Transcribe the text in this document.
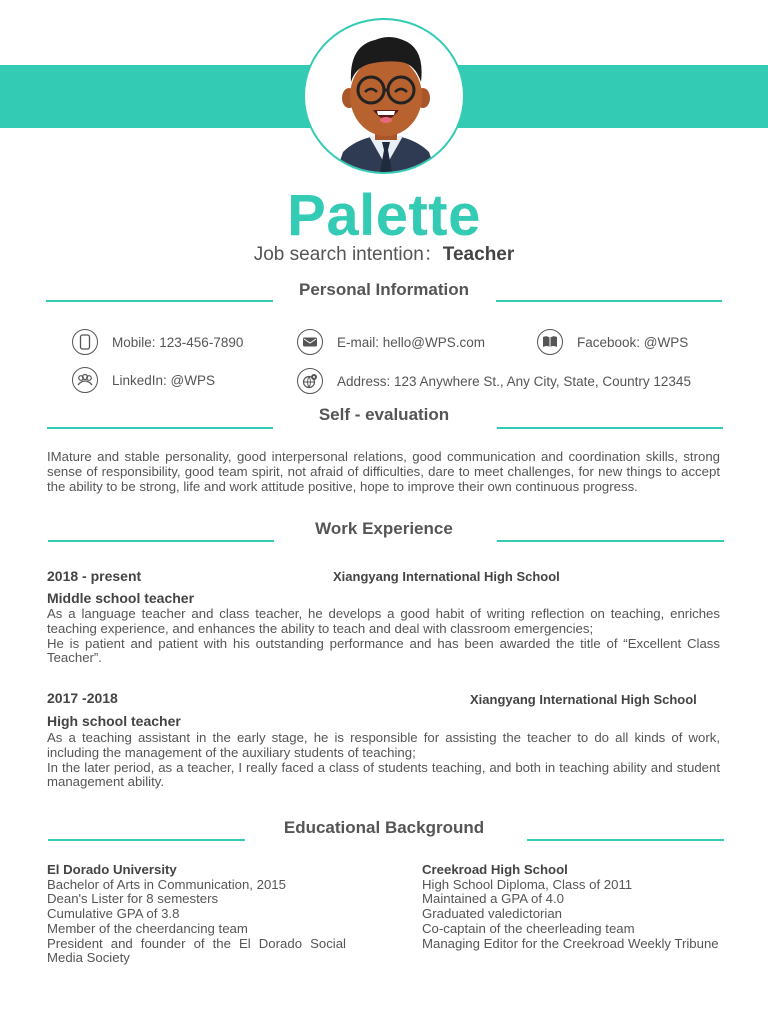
Palette
Job search intention：Teacher
Personal Information
Mobile: 123-456-7890	E-mail: hello@WPS.com	Facebook: @WPS
LinkedIn: @WPS	Address: 123 Anywhere St., Any City, State, Country 12345
Self - evaluation
IMature and stable personality, good interpersonal relations, good communication and coordination skills, strong sense of responsibility, good team spirit, not afraid of difficulties, dare to meet challenges, for new things to accept the ability to be strong, life and work attitude positive, hope to improve their own continuous progress.
Work Experience
2018 - present	Xiangyang International High School
Middle school teacher
As a language teacher and class teacher, he develops a good habit of writing reflection on teaching, enriches teaching experience, and enhances the ability to teach and deal with classroom emergencies;
He is patient and patient with his outstanding performance and has been awarded the title of “Excellent Class Teacher”.
2017 -2018	Xiangyang International High School
High school teacher
As a teaching assistant in the early stage, he is responsible for assisting the teacher to do all kinds of work, including the management of the auxiliary students of teaching;
In the later period, as a teacher, I really faced a class of students teaching, and both in teaching ability and student management ability.
Educational Background
El Dorado University
Bachelor of Arts in Communication, 2015
Dean's Lister for 8 semesters
Cumulative GPA of 3.8
Member of the cheerdancing team
President and founder of the El Dorado Social Media Society
Creekroad High School
High School Diploma, Class of 2011
Maintained a GPA of 4.0
Graduated valedictorian
Co-captain of the cheerleading team
Managing Editor for the Creekroad Weekly Tribune
